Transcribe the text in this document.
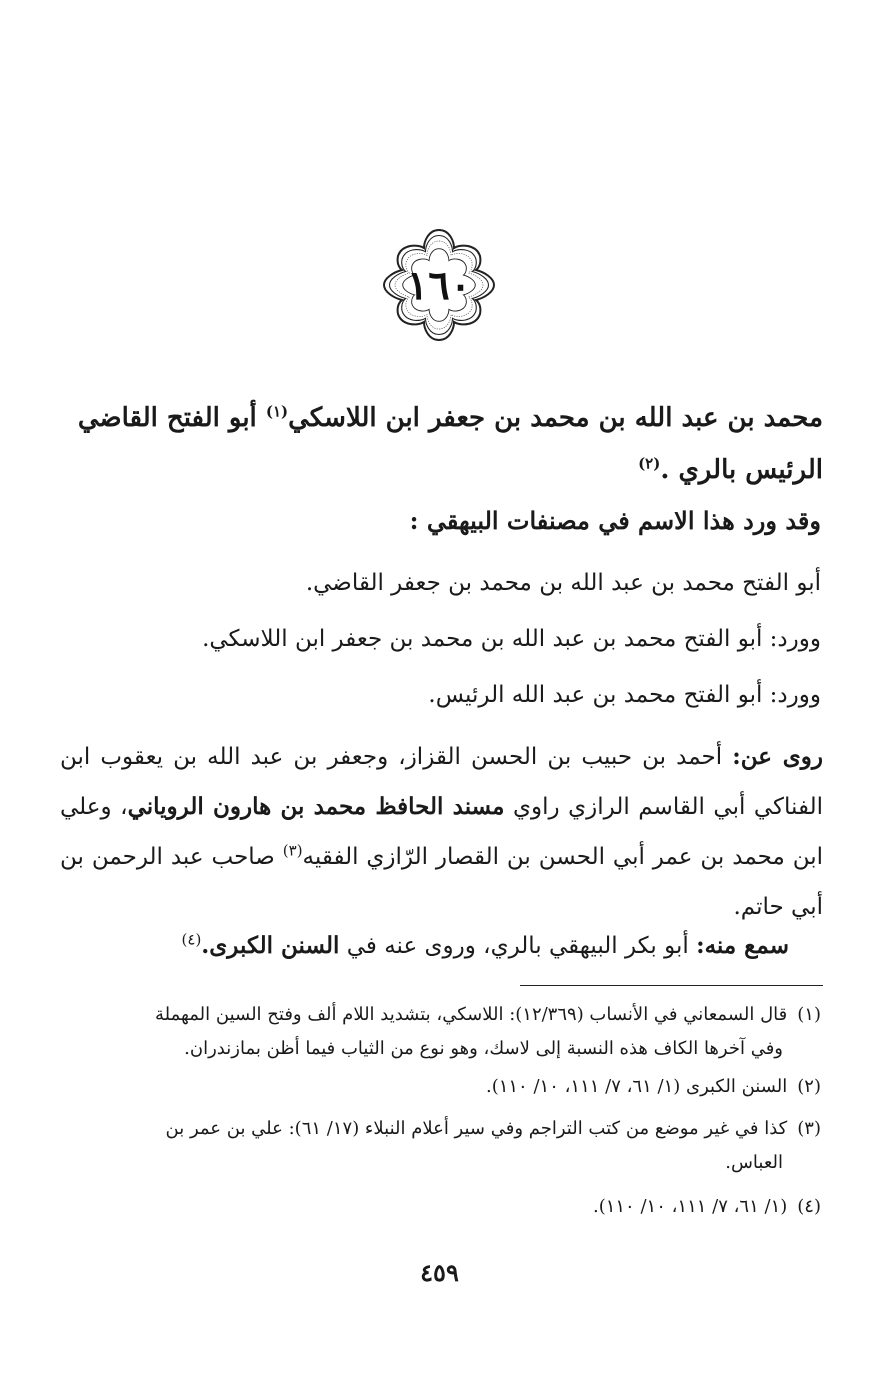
١٦٠
محمد بن عبد الله بن محمد بن جعفر ابن اللاسكي$^{(١)}$ أبو الفتح القاضي الرئيس بالري .$^{(٢)}$
وقد ورد هذا الاسم في مصنفات البيهقي :
أبو الفتح محمد بن عبد الله بن محمد بن جعفر القاضي.
وورد: أبو الفتح محمد بن عبد الله بن محمد بن جعفر ابن اللاسكي.
وورد: أبو الفتح محمد بن عبد الله الرئيس.
روى عن: أحمد بن حبيب بن الحسن القزاز، وجعفر بن عبد الله بن يعقوب ابن الفناكي أبي القاسم الرازي راوي مسند الحافظ محمد بن هارون الروياني، وعلي ابن محمد بن عمر أبي الحسن بن القصار الرّازي الفقيه$^{(٣)}$ صاحب عبد الرحمن بن أبي حاتم.
سمع منه: أبو بكر البيهقي بالري، وروى عنه في السنن الكبرى.$^{(٤)}$
(١)قال السمعاني في الأنساب (١٢/٣٦٩): اللاسكي، بتشديد اللام ألف وفتح السين المهملة
وفي آخرها الكاف هذه النسبة إلى لاسك، وهو نوع من الثياب فيما أظن بمازندران.
(٢)السنن الكبرى (١/ ٦١، ٧/ ١١١، ١٠/ ١١٠).
(٣)كذا في غير موضع من كتب التراجم وفي سير أعلام النبلاء (١٧/ ٦١): علي بن عمر بن
العباس.
(٤)(١/ ٦١، ٧/ ١١١، ١٠/ ١١٠).
٤٥٩
